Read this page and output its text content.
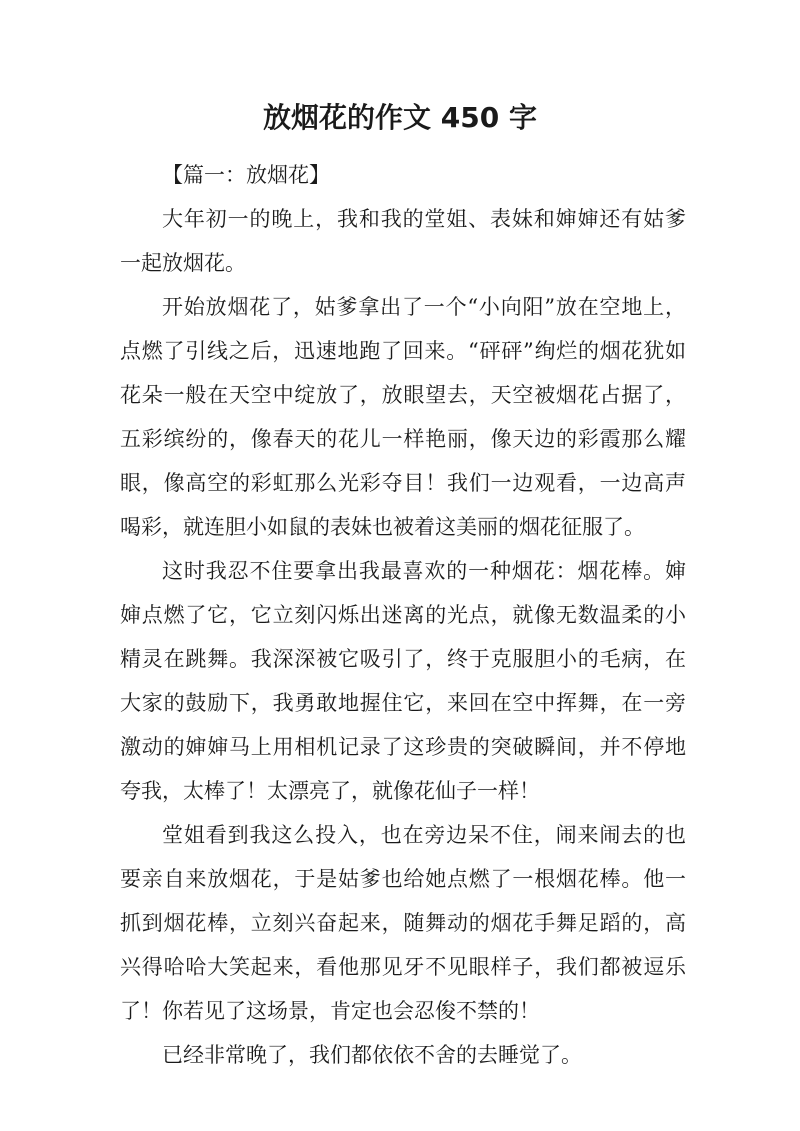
放烟花的作文 450 字

【篇一：放烟花】

大年初一的晚上，我和我的堂姐、表妹和婶婶还有姑爹一起放烟花。

开始放烟花了，姑爹拿出了一个“小向阳”放在空地上，点燃了引线之后，迅速地跑了回来。“砰砰”绚烂的烟花犹如花朵一般在天空中绽放了，放眼望去，天空被烟花占据了，五彩缤纷的，像春天的花儿一样艳丽，像天边的彩霞那么耀眼，像高空的彩虹那么光彩夺目！我们一边观看，一边高声喝彩，就连胆小如鼠的表妹也被着这美丽的烟花征服了。

这时我忍不住要拿出我最喜欢的一种烟花：烟花棒。婶婶点燃了它，它立刻闪烁出迷离的光点，就像无数温柔的小精灵在跳舞。我深深被它吸引了，终于克服胆小的毛病，在大家的鼓励下，我勇敢地握住它，来回在空中挥舞，在一旁激动的婶婶马上用相机记录了这珍贵的突破瞬间，并不停地夸我，太棒了！太漂亮了，就像花仙子一样！

堂姐看到我这么投入，也在旁边呆不住，闹来闹去的也要亲自来放烟花，于是姑爹也给她点燃了一根烟花棒。他一抓到烟花棒，立刻兴奋起来，随舞动的烟花手舞足蹈的，高兴得哈哈大笑起来，看他那见牙不见眼样子，我们都被逗乐了！你若见了这场景，肯定也会忍俊不禁的！

已经非常晚了，我们都依依不舍的去睡觉了。
